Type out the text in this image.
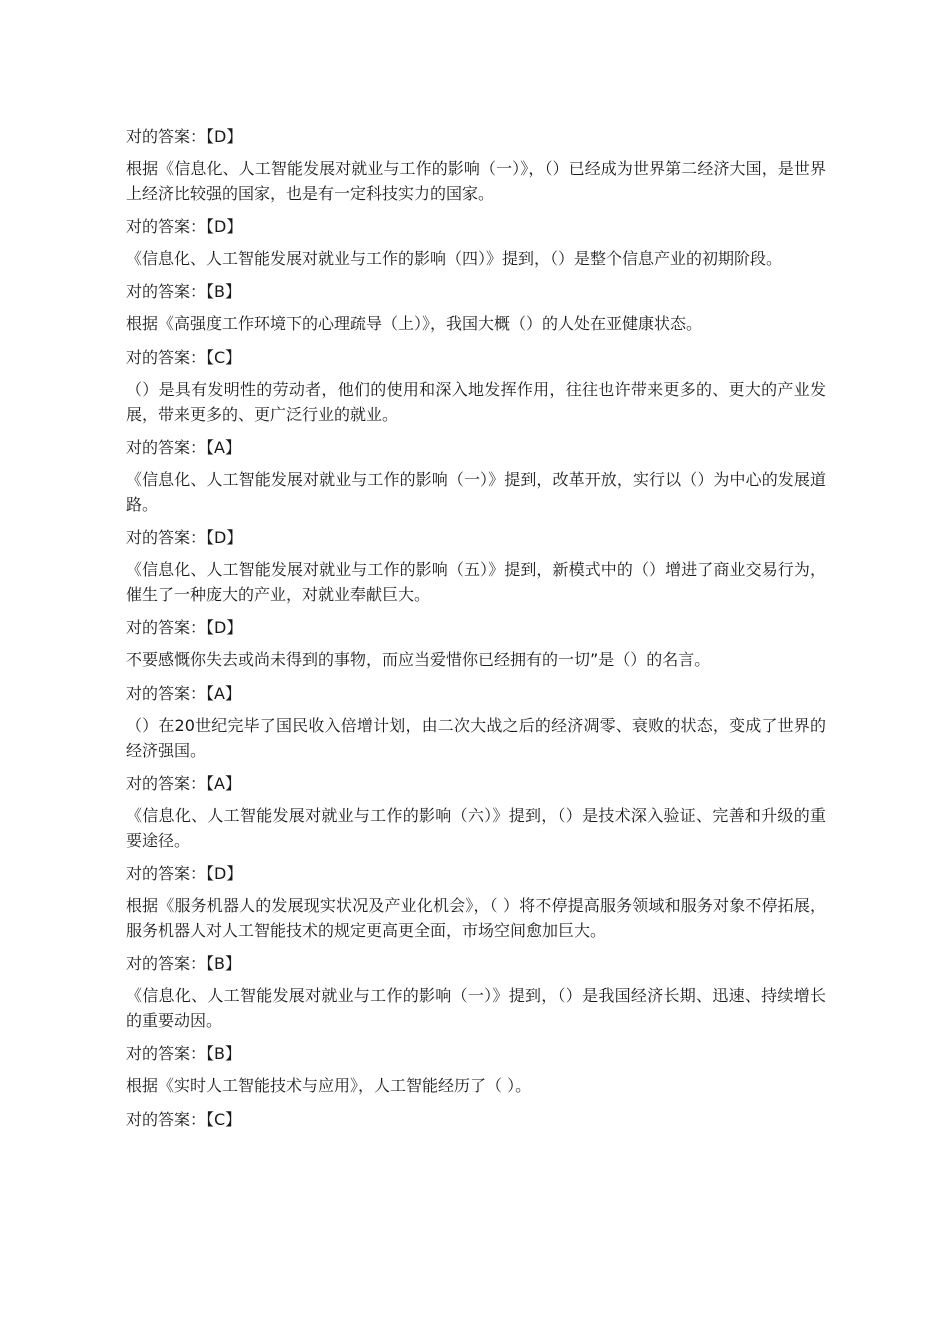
对的答案：【D】
根据《信息化、人工智能发展对就业与工作的影响（一）》，（）已经成为世界第二经济大国，是世界上经济比较强的国家，也是有一定科技实力的国家。
对的答案：【D】
《信息化、人工智能发展对就业与工作的影响（四）》提到，（）是整个信息产业的初期阶段。
对的答案：【B】
根据《高强度工作环境下的心理疏导（上）》，我国大概（）的人处在亚健康状态。
对的答案：【C】
（）是具有发明性的劳动者，他们的使用和深入地发挥作用，往往也许带来更多的、更大的产业发展，带来更多的、更广泛行业的就业。
对的答案：【A】
《信息化、人工智能发展对就业与工作的影响（一）》提到，改革开放，实行以（）为中心的发展道路。
对的答案：【D】
《信息化、人工智能发展对就业与工作的影响（五）》提到，新模式中的（）增进了商业交易行为，催生了一种庞大的产业，对就业奉献巨大。
对的答案：【D】
不要感慨你失去或尚未得到的事物，而应当爱惜你已经拥有的一切”是（）的名言。
对的答案：【A】
（）在20世纪完毕了国民收入倍增计划，由二次大战之后的经济凋零、衰败的状态，变成了世界的经济强国。
对的答案：【A】
《信息化、人工智能发展对就业与工作的影响（六）》提到，（）是技术深入验证、完善和升级的重要途径。
对的答案：【D】
根据《服务机器人的发展现实状况及产业化机会》，（ ）将不停提高服务领域和服务对象不停拓展，服务机器人对人工智能技术的规定更高更全面，市场空间愈加巨大。
对的答案：【B】
《信息化、人工智能发展对就业与工作的影响（一）》提到，（）是我国经济长期、迅速、持续增长的重要动因。
对的答案：【B】
根据《实时人工智能技术与应用》，人工智能经历了（ ）。
对的答案：【C】
